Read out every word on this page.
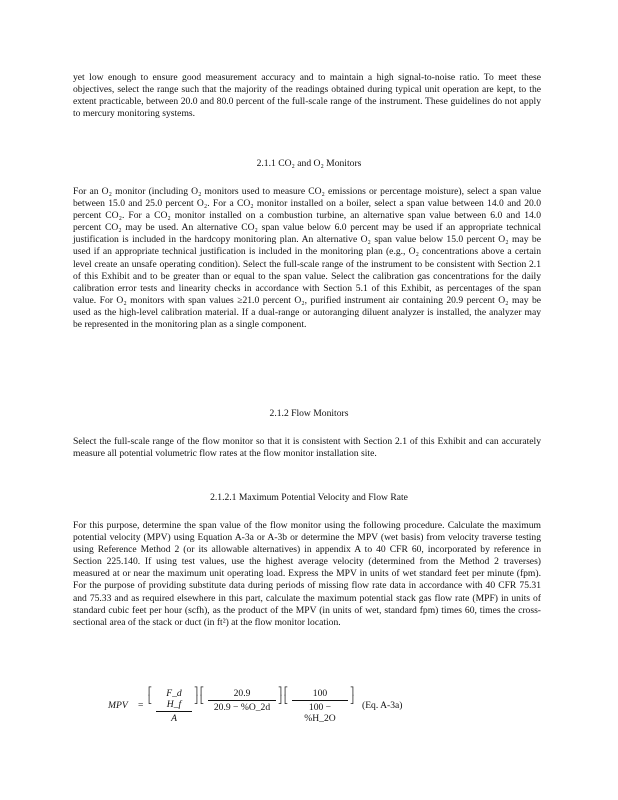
yet low enough to ensure good measurement accuracy and to maintain a high signal-to-noise ratio. To meet these objectives, select the range such that the majority of the readings obtained during typical unit operation are kept, to the extent practicable, between 20.0 and 80.0 percent of the full-scale range of the instrument. These guidelines do not apply to mercury monitoring systems.

2.1.1 CO₂ and O₂ Monitors

For an O₂ monitor (including O₂ monitors used to measure CO₂ emissions or percentage moisture), select a span value between 15.0 and 25.0 percent O₂. For a CO₂ monitor installed on a boiler, select a span value between 14.0 and 20.0 percent CO₂. For a CO₂ monitor installed on a combustion turbine, an alternative span value between 6.0 and 14.0 percent CO₂ may be used. An alternative CO₂ span value below 6.0 percent may be used if an appropriate technical justification is included in the hardcopy monitoring plan. An alternative O₂ span value below 15.0 percent O₂ may be used if an appropriate technical justification is included in the monitoring plan (e.g., O₂ concentrations above a certain level create an unsafe operating condition). Select the full-scale range of the instrument to be consistent with Section 2.1 of this Exhibit and to be greater than or equal to the span value. Select the calibration gas concentrations for the daily calibration error tests and linearity checks in accordance with Section 5.1 of this Exhibit, as percentages of the span value. For O₂ monitors with span values ≥21.0 percent O₂, purified instrument air containing 20.9 percent O₂ may be used as the high-level calibration material. If a dual-range or autoranging diluent analyzer is installed, the analyzer may be represented in the monitoring plan as a single component.

2.1.2 Flow Monitors

Select the full-scale range of the flow monitor so that it is consistent with Section 2.1 of this Exhibit and can accurately measure all potential volumetric flow rates at the flow monitor installation site.

2.1.2.1 Maximum Potential Velocity and Flow Rate

For this purpose, determine the span value of the flow monitor using the following procedure. Calculate the maximum potential velocity (MPV) using Equation A-3a or A-3b or determine the MPV (wet basis) from velocity traverse testing using Reference Method 2 (or its allowable alternatives) in appendix A to 40 CFR 60, incorporated by reference in Section 225.140. If using test values, use the highest average velocity (determined from the Method 2 traverses) measured at or near the maximum unit operating load. Express the MPV in units of wet standard feet per minute (fpm). For the purpose of providing substitute data during periods of missing flow rate data in accordance with 40 CFR 75.31 and 75.33 and as required elsewhere in this part, calculate the maximum potential stack gas flow rate (MPF) in units of standard cubic feet per hour (scfh), as the product of the MPV (in units of wet, standard fpm) times 60, times the cross-sectional area of the stack or duct (in ft²) at the flow monitor location.

MPV =
⎡
⎣
F_d H_f
A
⎤
⎦
⎡
⎣
20.9
20.9 − %O_2d
⎤
⎦
⎡
⎣
100
100 − %H_2O
⎤
⎦
(Eq. A-3a)
